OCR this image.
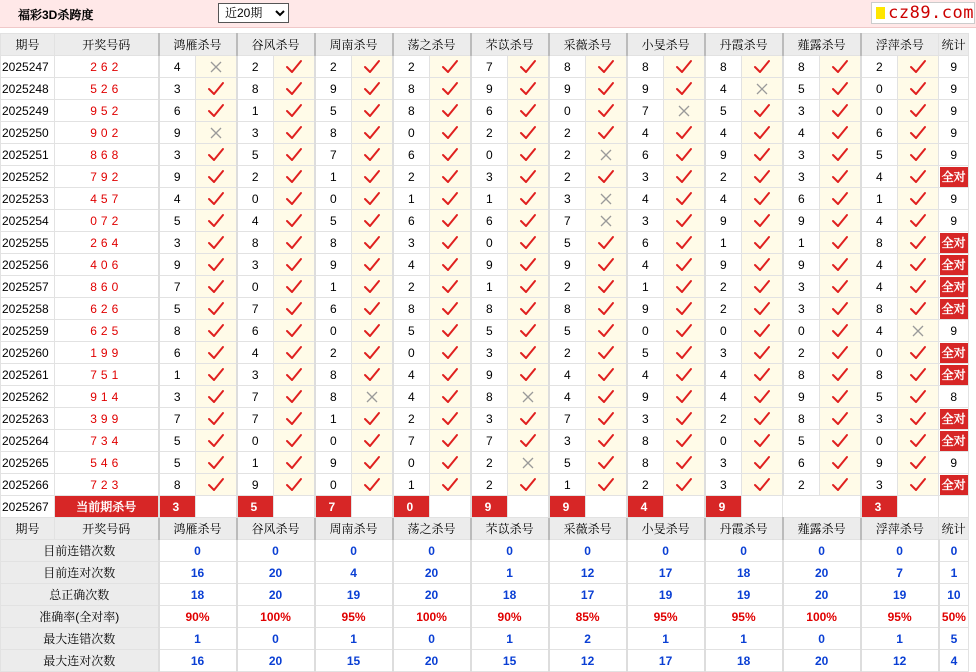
福彩3D杀跨度
近20期	cz89.com
期号	开奖号码	鸿雁杀号		谷风杀号		周南杀号		荡之杀号		芣苡杀号		采薇杀号		小旻杀号		丹霞杀号		薤露杀号		浮萍杀号		统计
2025247	262	4		2		2		2		7		8		8		8		8		2		9
2025248	526	3		8		9		8		9		9		9		4		5		0		9
2025249	952	6		1		5		8		6		0		7		5		3		0		9
2025250	902	9		3		8		0		2		2		4		4		4		6		9
2025251	868	3		5		7		6		0		2		6		9		3		5		9
2025252	792	9		2		1		2		3		2		3		2		3		4		全对
2025253	457	4		0		0		1		1		3		4		4		6		1		9
2025254	072	5		4		5		6		6		7		3		9		9		4		9
2025255	264	3		8		8		3		0		5		6		1		1		8		全对
2025256	406	9		3		9		4		9		9		4		9		9		4		全对
2025257	860	7		0		1		2		1		2		1		2		3		4		全对
2025258	626	5		7		6		8		8		8		9		2		3		8		全对
2025259	625	8		6		0		5		5		5		0		0		0		4		9
2025260	199	6		4		2		0		3		2		5		3		2		0		全对
2025261	751	1		3		8		4		9		4		4		4		8		8		全对
2025262	914	3		7		8		4		8		4		9		4		9		5		8
2025263	399	7		7		1		2		3		7		3		2		8		3		全对
2025264	734	5		0		0		7		7		3		8		0		5		0		全对
2025265	546	5		1		9		0		2		5		8		3		6		9		9
2025266	723	8		9		0		1		2		1		2		3		2		3		全对
2025267	当前期杀号	3		5		7		0		9		9		4		9				3		
期号	开奖号码	鸿雁杀号		谷风杀号		周南杀号		荡之杀号		芣苡杀号		采薇杀号		小旻杀号		丹霞杀号		薤露杀号		浮萍杀号		统计
目前连错次数		0		0		0		0		0		0		0		0		0		0		0
目前连对次数		16		20		4		20		1		12		17		18		20		7		1
总正确次数		18		20		19		20		18		17		19		19		20		19		10
准确率(全对率)		90%		100%		95%		100%		90%		85%		95%		95%		100%		95%		50%
最大连错次数		1		0		1		0		1		2		1		1		0		1		5
最大连对次数		16		20		15		20		15		12		17		18		20		12		4
